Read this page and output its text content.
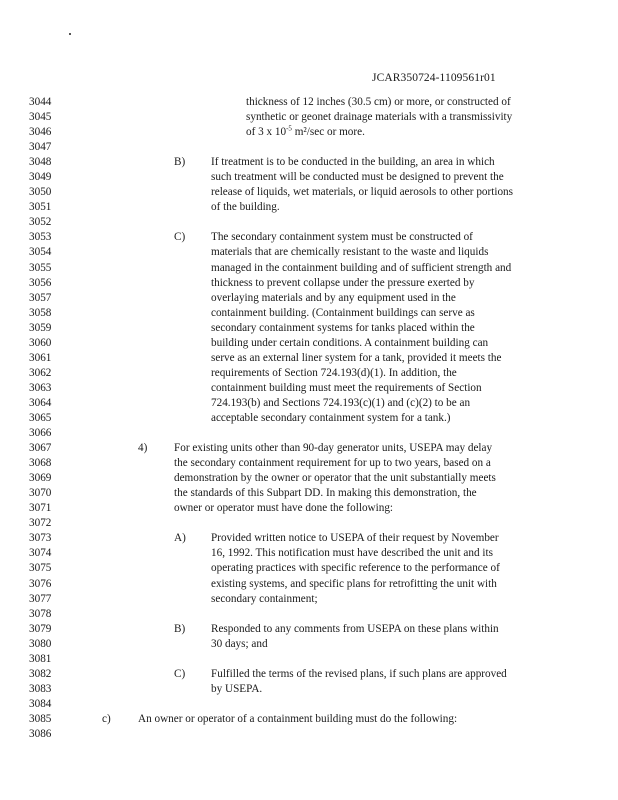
JCAR350724-1109561r01
3044	thickness of 12 inches (30.5 cm) or more, or constructed of
3045	synthetic or geonet drainage materials with a transmissivity
3046	of 3 x $10^{-5}$ m²/sec or more.
3047
3048	B) If treatment is to be conducted in the building, an area in which
3049	such treatment will be conducted must be designed to prevent the
3050	release of liquids, wet materials, or liquid aerosols to other portions
3051	of the building.
3052
3053	C) The secondary containment system must be constructed of
3054	materials that are chemically resistant to the waste and liquids
3055	managed in the containment building and of sufficient strength and
3056	thickness to prevent collapse under the pressure exerted by
3057	overlaying materials and by any equipment used in the
3058	containment building. (Containment buildings can serve as
3059	secondary containment systems for tanks placed within the
3060	building under certain conditions. A containment building can
3061	serve as an external liner system for a tank, provided it meets the
3062	requirements of Section 724.193(d)(1). In addition, the
3063	containment building must meet the requirements of Section
3064	724.193(b) and Sections 724.193(c)(1) and (c)(2) to be an
3065	acceptable secondary containment system for a tank.)
3066
3067	4) For existing units other than 90-day generator units, USEPA may delay
3068	the secondary containment requirement for up to two years, based on a
3069	demonstration by the owner or operator that the unit substantially meets
3070	the standards of this Subpart DD. In making this demonstration, the
3071	owner or operator must have done the following:
3072
3073	A) Provided written notice to USEPA of their request by November
3074	16, 1992. This notification must have described the unit and its
3075	operating practices with specific reference to the performance of
3076	existing systems, and specific plans for retrofitting the unit with
3077	secondary containment;
3078
3079	B) Responded to any comments from USEPA on these plans within
3080	30 days; and
3081
3082	C) Fulfilled the terms of the revised plans, if such plans are approved
3083	by USEPA.
3084
3085	c) An owner or operator of a containment building must do the following:
3086
